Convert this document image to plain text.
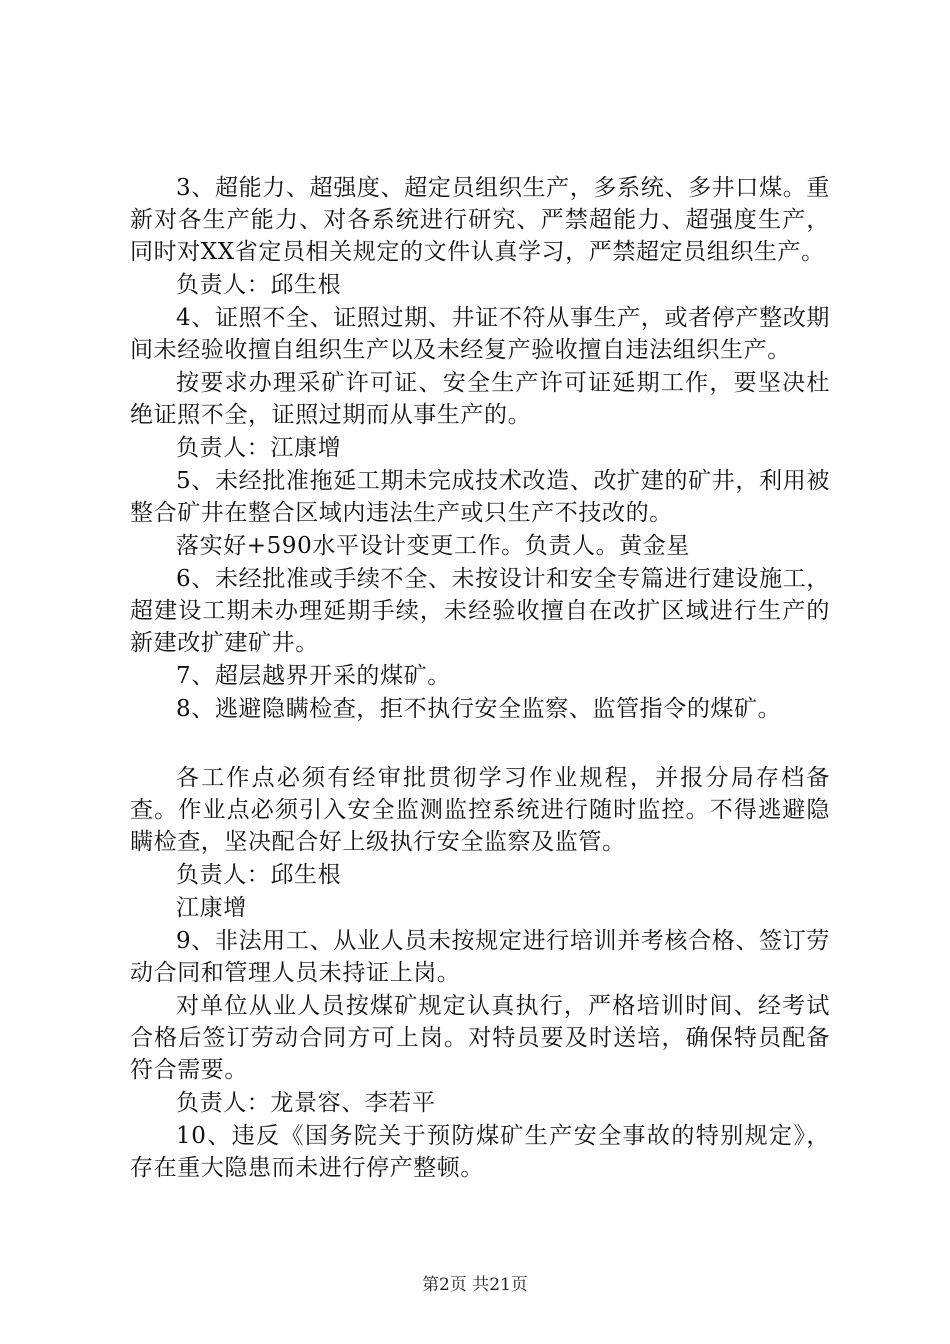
3、超能力、超强度、超定员组织生产，多系统、多井口煤。重新对各生产能力、对各系统进行研究、严禁超能力、超强度生产，同时对XX省定员相关规定的文件认真学习，严禁超定员组织生产。

负责人：邱生根

4、证照不全、证照过期、井证不符从事生产，或者停产整改期间未经验收擅自组织生产以及未经复产验收擅自违法组织生产。

按要求办理采矿许可证、安全生产许可证延期工作，要坚决杜绝证照不全，证照过期而从事生产的。

负责人：江康增

5、未经批准拖延工期未完成技术改造、改扩建的矿井，利用被整合矿井在整合区域内违法生产或只生产不技改的。

落实好+590水平设计变更工作。负责人。黄金星

6、未经批准或手续不全、未按设计和安全专篇进行建设施工，超建设工期未办理延期手续，未经验收擅自在改扩区域进行生产的新建改扩建矿井。

7、超层越界开采的煤矿。

8、逃避隐瞒检查，拒不执行安全监察、监管指令的煤矿。

各工作点必须有经审批贯彻学习作业规程，并报分局存档备查。作业点必须引入安全监测监控系统进行随时监控。不得逃避隐瞒检查，坚决配合好上级执行安全监察及监管。

负责人：邱生根

江康增

9、非法用工、从业人员未按规定进行培训并考核合格、签订劳动合同和管理人员未持证上岗。

对单位从业人员按煤矿规定认真执行，严格培训时间、经考试合格后签订劳动合同方可上岗。对特员要及时送培，确保特员配备符合需要。

负责人：龙景容、李若平

10、违反《国务院关于预防煤矿生产安全事故的特别规定》，存在重大隐患而未进行停产整顿。

第2页 共21页
